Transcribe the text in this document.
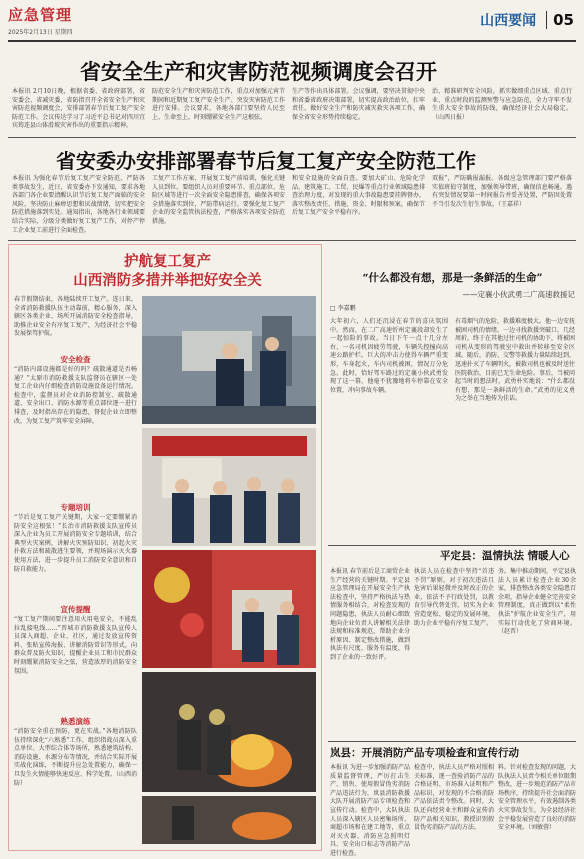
应急管理
2025年2月13日 星期四
山西要闻	05
省安全生产和灾害防范视频调度会召开
本报讯 2月10日晚，根据省委、省政府部署，省安委会、省减灾委、省防指召开全省安全生产和灾害防范视频调度会，安排部署春节后复工复产安全防范工作。会议传达学习了习近平总书记对四川宜宾筠连县山体滑坡灾害作出的重要指示精神。
防范安全生产和灾害防范工作，重点对加强元宵节期间和近期复工复产安全生产、突发灾害防范工作进行安排。会议要求，各地各部门要坚持人民至上、生命至上，时刻绷紧安全生产这根弦。
生产等作出具体部署。会议强调，要坚决贯彻中央和省委省政府决策部署，切实提高政治站位，扛牢责任，做好安全生产和防灾减灾救灾各项工作，确保全省安全形势持续稳定。
治、精准研判安全风险，抓实做细重点区域、重点行业、重点时段的监测预警与应急防范，全力守牢不发生重大安全事故的防线，确保经济社会大局稳定。（山西日报）
省安委办安排部署春节后复工复产安全防范工作
本报讯 为强化春节后复工复产安全防范，严防各类事故发生，近日，省安委办下发通知，要求各地各部门各企业要清醒认识节后复工复产面临的安全风险，坚决防止麻痹思想和厌战情绪，切实把安全防范措施落到实处。通知指出，各地各行业领域要结合实际，分级分类做好复工复产工作，对停产停工企业复工前进行全面检查。
工复产工作方案，开展复工复产前培训，强化关键人员到位。要组织人员对重要环节、重点部位、危险区域等进行一次全面安全隐患排查，确保各项安全措施落实到位，严防带病运行。要强化复工复产企业的安全监管执法检查，严格落实各项安全防范措施。
和安全设施的全面自查。要加大矿山、危险化学品、建筑施工、工贸、民爆等重点行业领域隐患排查治理力度，对发现的重大事故隐患要挂牌督办，落实整改责任、措施、资金、时限和预案，确保节后复工复产安全平稳有序。
双报”，严防瞒报漏报。各级应急管理部门要严格落实值班值守制度，加强领导带班，确保信息畅通。遇有突发情况要第一时间报告并妥善处置，严防因处置不当引发次生衍生事故。（王嘉祥）
护航复工复产
山西消防多措并举把好安全关
春节假期结束，各地陆续开工复产。连日来，全省消防救援队伍主动靠前，精心服务，深入辖区各类企业、场所开展消防安全检查指导，助推企业安全有序复工复产，为经济社会平稳发展保驾护航。
安全检查
“消防内部设施都是好的吗？疏散通道是否畅通？”太原市消防救援支队监督员在辖区一处复工企业内仔细检查消防设施设备运行情况。检查中，监督员对企业消防控制室、疏散通道、安全出口、消防水源等重点部位逐一进行排查，及时指出存在的隐患，督促企业立即整改，为复工复产筑牢安全屏障。
专题培训
“节后是复工复产关键期，大家一定要绷紧消防安全这根弦！”长治市消防救援支队宣传员深入企业为员工开展消防安全专题培训，结合典型火灾案例，讲解火灾预防知识、初起火灾扑救方法和疏散逃生要领，并现场演示灭火器使用方法，进一步提升员工消防安全意识和自防自救能力。
宣传提醒
“复工复产期间要注意用火用电安全，不能乱拉乱接电线……”晋城市消防救援支队宣传人员深入商超、企业、社区，通过发放宣传资料、张贴宣传海报、讲解消防常识等形式，向群众普及防火知识，提醒企业员工和市民群众时刻绷紧消防安全之弦，营造浓厚的消防安全氛围。
熟悉演练
“消防安全重在预防，更在实战。”各地消防队伍持续深化“六熟悉”工作，组织指战员深入重点单位、大型综合体等场所，熟悉建筑结构、消防设施、水源分布等情况，并结合实际开展实战化演练，不断提升应急处置能力，确保一旦发生火情能够快速反应、科学处置。（山西消防）
“什么都没有想，那是一条鲜活的生命”
——定襄小伙武勇二广高速救援记
□ 李嘉鹏
大年初六，人们还沉浸在春节的喜庆氛围中。然而，在二广高速忻州定襄段却发生了一起惊险的事故。当日下午一点十几分左右，一名司机因疲劳驾驶，车辆失控撞向高速公路护栏。巨大的冲击力使得车辆严重变形，车身起火，车内司机被困，情况万分危急。此时，恰好驾车路过的定襄小伙武勇发现了这一幕，他毫不犹豫地将车停靠在安全位置，冲向事故车辆。
有毒烟气的危险，救援难度极大。他一边安抚被困司机的情绪，一边寻找救援突破口，几经周折，终于在其他过往司机的协助下，将被困司机从变形的驾驶室中救出并转移至安全区域。随后，消防、交警等救援力量陆续赶到，迅速扑灭了车辆明火，被救司机也被及时送往医院救治，目前已无生命危险。事后，当被问起当时的想法时，武勇朴实地说：“什么都没有想，那是一条鲜活的生命。”武勇的见义勇为之举在当地传为佳话。
平定县：温情执法 情暖人心
本报讯 春节前后是工商贸企业生产经营的关键时期。平定县应急管理局在开展安全生产执法检查中，坚持严格执法与热情服务相结合，对检查发现的问题隐患，执法人员耐心细致地向企业负责人讲解相关法律法规和标准规范，帮助企业分析原因、制定整改措施，做到执法有尺度、服务有温度，得到了企业的一致好评。
执法人员在检查中坚持“首违不罚”原则，对于初次违法且危害后果轻微并及时改正的企业，依法不予行政处罚，以教育引导代替处罚，切实为企业营造宽松、稳定的发展环境，助力企业平稳有序复工复产。
务。集中推动期间，平定县执法人员累计检查企业30余家，排查整改各类安全隐患百余项，指导企业健全完善安全管理制度，真正做到以“柔性执法”护航企业安全生产，用实际行动优化了营商环境。（赵晋）
岚县：开展消防产品专项检查和宣传行动
本报讯 为进一步加强消防产品质量监督管理，严厉打击生产、销售、使用假冒伪劣消防产品违法行为，岚县消防救援大队开展消防产品专项检查和宣传行动。检查中，大队执法人员深入辖区人员密集场所、商超市场和在建工地等，重点对灭火器、消防应急照明灯具、安全出口标志等消防产品进行检查。
检查中，执法人员严格对照相关标准，逐一查验消防产品的合格证明、市场准入证明和产品标识，对发现的不合格消防产品依法责令整改。同时，大队还向经营业主和群众宣传消防产品相关知识，教授识别假冒伪劣消防产品的方法。
料。针对检查发现的问题，大队执法人员责令相关单位限期整改，进一步规范消防产品市场秩序，持续提升社会面消防安全管理水平，有效遏制各类火灾事故发生，为全县经济社会平稳发展营造了良好的消防安全环境。（刘敏蓉）
